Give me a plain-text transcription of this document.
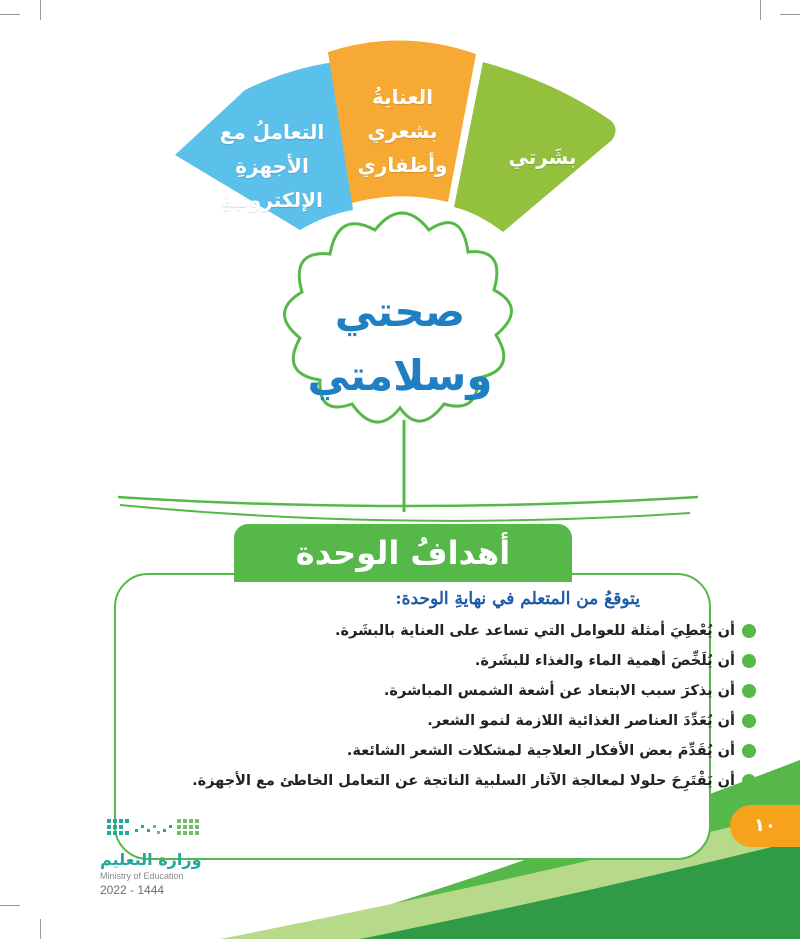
التعاملُ مع
الأجهزةِ
الإلكترونيةِ
العنايةُ
بشعري
وأظفاري	بشَرتي
صحتي
وسلامتي
أهدافُ الوحدة
يتوقعُ من المتعلم في نهايةِ الوحدة:
أن يُعْطِيَ أمثلة للعوامل التي تساعد على العناية بالبشَرة.
أن يُلَخِّصَ أهمية الماء والغذاء للبشَرة.
أن يذكرَ سبب الابتعاد عن أشعة الشمس المباشرة.
أن يُعَدِّدَ العناصر الغذائية اللازمة لنمو الشعر.
أن يُقَدِّمَ بعض الأفكار العلاجية لمشكلات الشعر الشائعة.
أن يَقْتَرِحَ حلولا لمعالجة الآثار السلبية الناتجة عن التعامل الخاطئ مع الأجهزة.
١٠
وزارة التعليم
Ministry of Education
2022 - 1444
